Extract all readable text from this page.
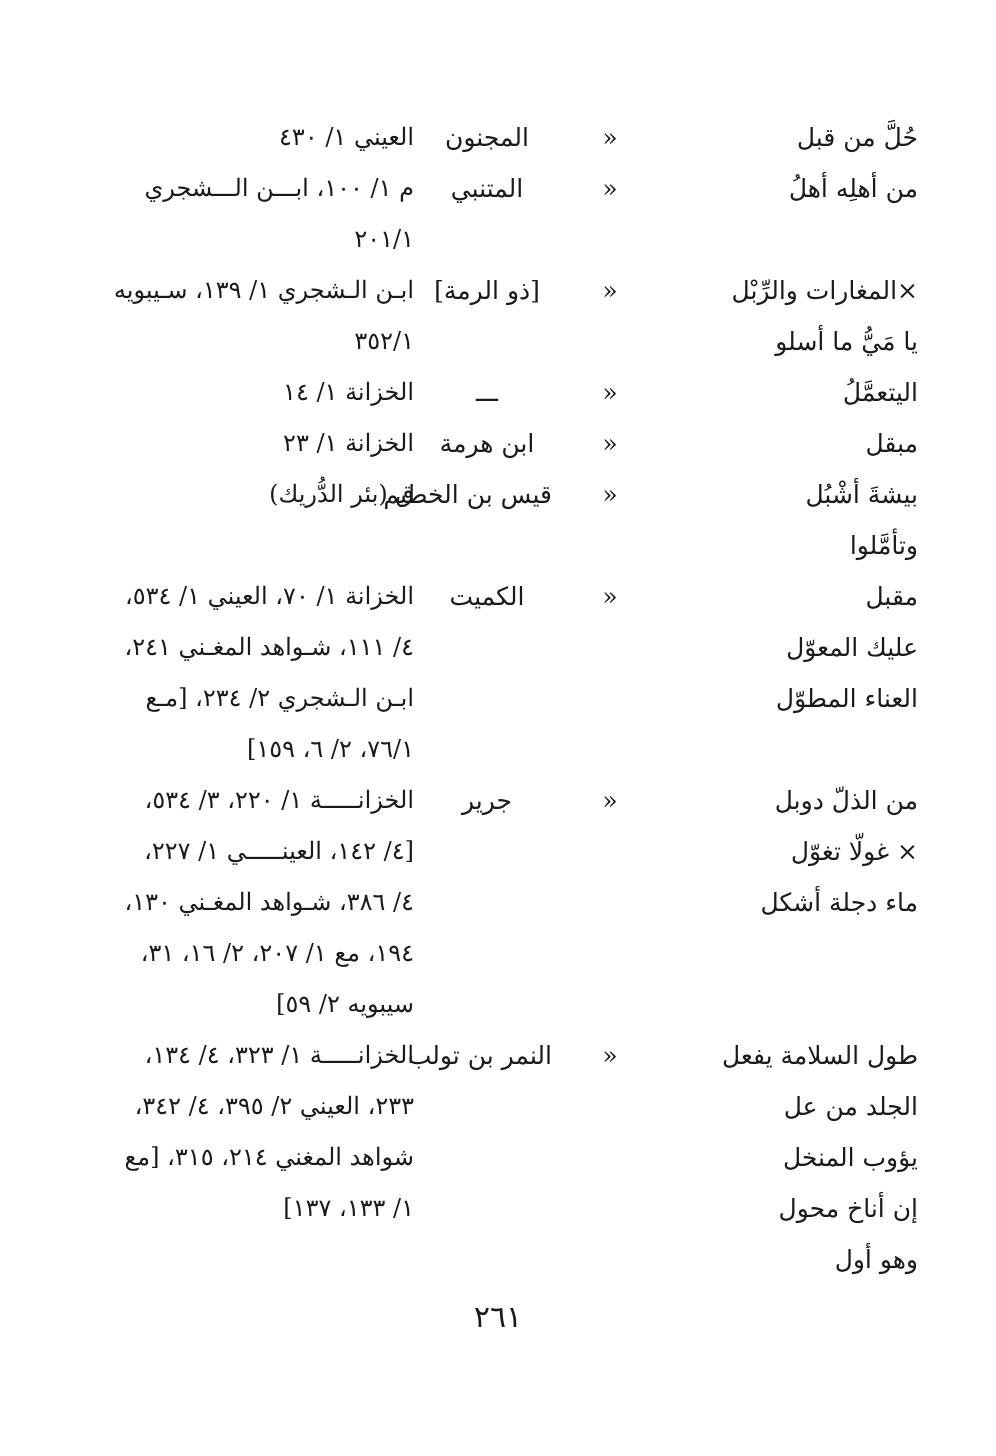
حُلَّ من قبل
«
المجنون
العيني ١/ ٤٣٠
من أهلِه أهلُ
«
المتنبي
م ١/ ١٠٠، ابـــن الـــشجري
٢٠١/١
×المغارات والرِّبْل
يا مَيُّ ما أسلو
«
[ذو الرمة]
ابـن الـشجري ١/ ١٣٩، سـيبويه
٣٥٢/١
اليتعمَّلُ
«
ـــ
الخزانة ١/ ١٤
مبقل
«
ابن هرمة
الخزانة ١/ ٢٣
بيشةَ أشْبُل
وتأمَّلوا
«
قيس بن الخطيم
ق (بئر الدُّريك)
مقبل
عليك المعوّل
العناء المطوّل
«
الكميت
الخزانة ١/ ٧٠، العيني ١/ ٥٣٤،
٤/ ١١١، شـواهد المغـني ٢٤١،
ابـن الـشجري ٢/ ٢٣٤، [مـع
٧٦/١، ٢/ ٦، ١٥٩]
من الذلّ دوبل
× غولّا تغوّل
ماء دجلة أشكل
«
جرير
الخزانـــــة ١/ ٢٢٠، ٣/ ٥٣٤،
[٤/ ١٤٢، العينـــــي ١/ ٢٢٧،
٤/ ٣٨٦، شـواهد المغـني ١٣٠،
١٩٤، مع ١/ ٢٠٧، ٢/ ١٦، ٣١،
سيبويه ٢/ ٥٩]
طول السلامة يفعل
الجلد من عل
يؤوب المنخل
إن أناخ محول
وهو أول
«
النمر بن تولب
الخزانـــــة ١/ ٣٢٣، ٤/ ١٣٤،
٢٣٣، العيني ٢/ ٣٩٥، ٤/ ٣٤٢،
شواهد المغني ٢١٤، ٣١٥، [مع
١/ ١٣٣، ١٣٧]
٢٦١
